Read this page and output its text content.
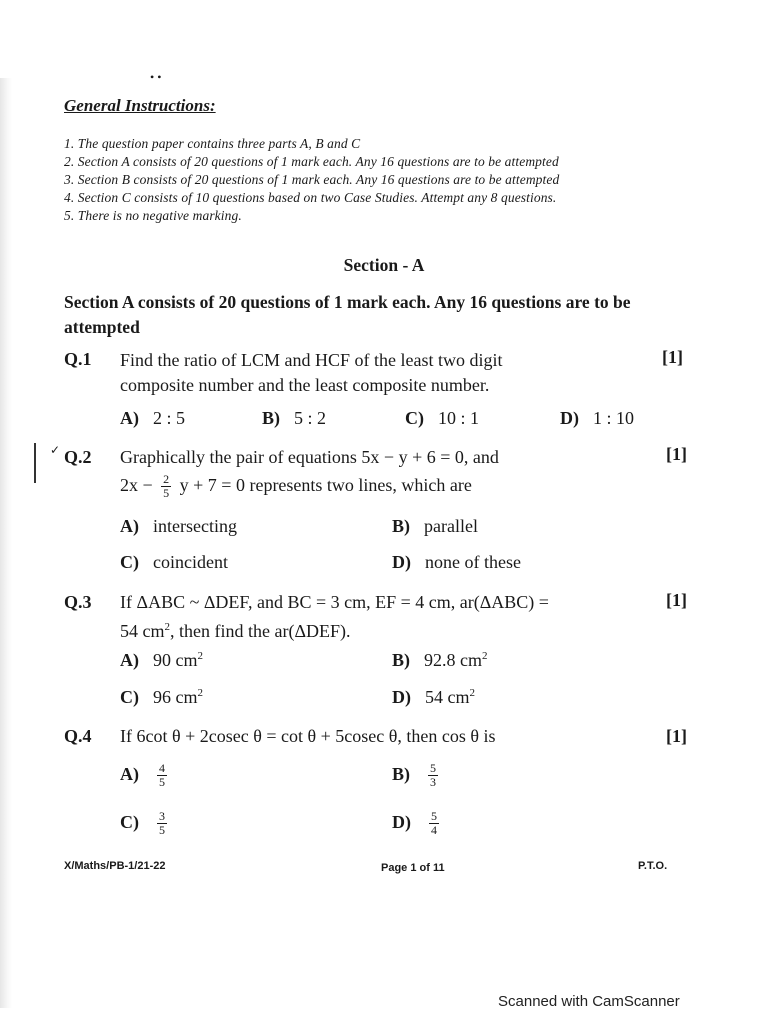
• •
General Instructions:
1. The question paper contains three parts A, B and C
2. Section A consists of 20 questions of 1 mark each. Any 16 questions are to be attempted
3. Section B consists of 20 questions of 1 mark each. Any 16 questions are to be attempted
4. Section C consists of 10 questions based on two Case Studies. Attempt any 8 questions.
5. There is no negative marking.
Section - A
Section A consists of 20 questions of 1 mark each. Any 16 questions are to be attempted
Q.1 Find the ratio of LCM and HCF of the least two digit	[1]
composite number and the least composite number.
A) 2 : 5	B) 5 : 2	C) 10 : 1	D) 1 : 10
✓ Q.2 Graphically the pair of equations 5x − y + 6 = 0, and	[1]
$2x - \frac{2}{5}$ y + 7 = 0 represents two lines, which are
A) intersecting	B) parallel
C) coincident	D) none of these
Q.3 If ΔABC ~ ΔDEF, and BC = 3 cm, EF = 4 cm, ar(ΔABC) =	[1]
54 $cm^2$, then find the ar(ΔDEF).
A) 90 $cm^2$	B) 92.8 $cm^2$
C) 96 $cm^2$	D) 54 $cm^2$
Q.4 If 6cot θ + 2cosec θ = cot θ + 5cosec θ, then cos θ is	[1]
$A) \frac{4}{5}$	$B) \frac{5}{3}$
$C) \frac{3}{5}$	$D) \frac{5}{4}$
X/Maths/PB-1/21-22	Page 1 of 11	P.T.O.
Scanned with CamScanner
